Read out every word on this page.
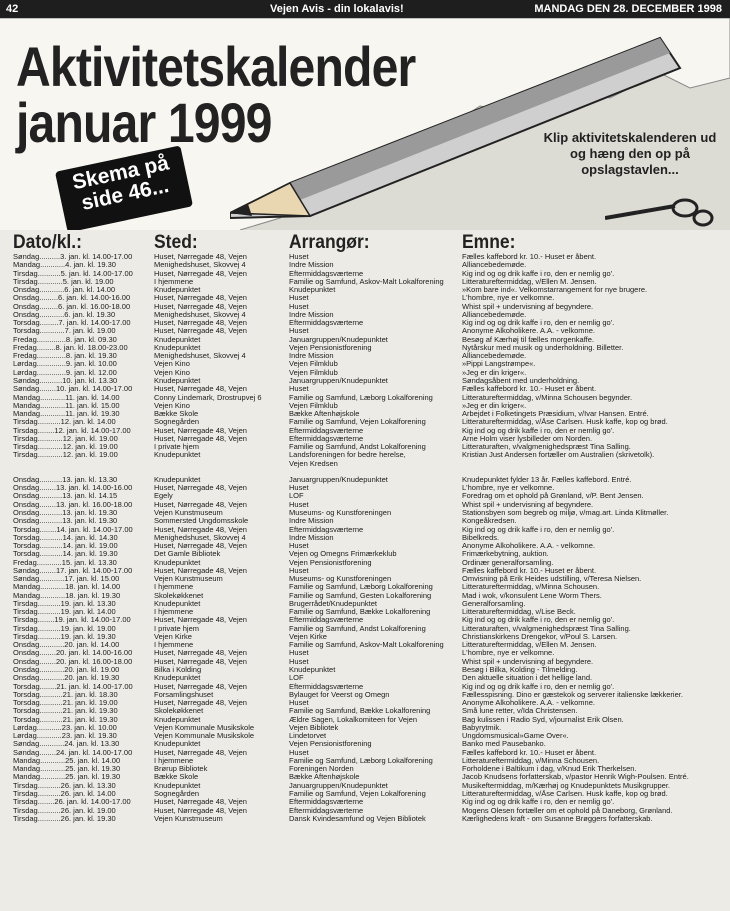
42	Vejen Avis - din lokalavis!	MANDAG DEN 28. DECEMBER 1998
Aktivitetskalender
januar 1999
Skema på side 46...
Klip aktivitetskalenderen ud og hæng den op på opslagstavlen...
Dato/kl.:	Sted:	Arrangør:	Emne:
Søndag..........3. jan. kl. 14.00-17.00	Huset, Nørregade 48, Vejen	Huset	Fælles kaffebord kr. 10.- Huset er åbent.
Mandag............4. jan. kl. 19.30	Menighedshuset, Skovvej 4	Indre Mission	Alliancebedemøde.
Tirsdag...........5. jan. kl. 14.00-17.00	Huset, Nørregade 48, Vejen	Eftermiddagsværterne	Kig ind og og drik kaffe i ro, den er nemlig go'.
Tirsdag............5. jan. kl. 19.00	I hjemmene	Familie og Samfund, Askov-Malt Lokalforening	Litteratureftermiddag, v/Ellen M. Jensen.
Onsdag............6. jan. kl. 14.00	Knudepunktet	Knudepunktet	»Kom bare ind«. Velkomstarrangement for nye brugere.
Onsdag.........6. jan. kl. 14.00-16.00	Huset, Nørregade 48, Vejen	Huset	L'hombre, nye er velkomne.
Onsdag.........6. jan. kl. 16.00-18.00	Huset, Nørregade 48, Vejen	Huset	Whist spil + undervisning af begyndere.
Onsdag............6. jan. kl. 19.30	Menighedshuset, Skovvej 4	Indre Mission	Alliancebedemøde.
Torsdag.........7. jan. kl. 14.00-17.00	Huset, Nørregade 48, Vejen	Eftermiddagsværterne	Kig ind og og drik kaffe i ro, den er nemlig go'.
Torsdag............7. jan. kl. 19.00	Huset, Nørregade 48, Vejen	Huset	Anonyme Alkoholikere. A.A. - velkomne.
Fredag..............8. jan. kl. 09.30	Knudepunktet	Januargruppen/Knudepunktet	Besøg af Kærhøj til fælles morgenkaffe.
Fredag.........8. jan. kl. 18.00-23.00	Knudepunktet	Vejen Pensionistforening	Nytårskur med musik og underholdning. Billetter.
Fredag..............8. jan. kl. 19.30	Menighedshuset, Skovvej 4	Indre Mission	Alliancebedemøde.
Lørdag..............9. jan. kl. 10.00	Vejen Kino	Vejen Filmklub	»Pippi Langstrømpe«.
Lørdag..............9. jan. kl. 12.00	Vejen Kino	Vejen Filmklub	»Jeg er din kriger«.
Søndag...........10. jan. kl. 13.30	Knudepunktet	Januargruppen/Knudepunktet	Søndagsåbent med underholdning.
Søndag........10. jan. kl. 14.00-17.00	Huset, Nørregade 48, Vejen	Huset	Fælles kaffebord kr. 10.- Huset er åbent.
Mandag............11. jan. kl. 14.00	Conny Lindemark, Drostrupvej 6	Familie og Samfund, Læborg Lokalforening	Litteratureftermiddag, v/Minna Schousen begynder.
Mandag............11. jan. kl. 15.00	Vejen Kino	Vejen Filmklub	»Jeg er din kriger«.
Mandag............11. jan. kl. 19.30	Bække Skole	Bække Aftenhøjskole	Arbejdet i Folketingets Præsidium, v/Ivar Hansen. Entré.
Tirsdag...........12. jan. kl. 14.00	Sognegården	Familie og Samfund, Vejen Lokalforening	Litteratureftermiddag, v/Åse Carlsen. Husk kaffe, kop og brød.
Tirsdag........12. jan. kl. 14.00-17.00	Huset, Nørregade 48, Vejen	Eftermiddagsværterne	Kig ind og og drik kaffe i ro, den er nemlig go'.
Tirsdag............12. jan. kl. 19.00	Huset, Nørregade 48, Vejen	Eftermiddagsværterne	Arne Holm viser lysbilleder om Norden.
Tirsdag............12. jan. kl. 19.00	I private hjem	Familie og Samfund, Andst Lokalforening	Litteraturaften, v/valgmenighedspræst Tina Salling.
Tirsdag............12. jan. kl. 19.00	Knudepunktet	Landsforeningen for bedre herelse,	Kristian Just Andersen fortæller om Australien (skrivetolk).
Vejen Kredsen
Onsdag...........13. jan. kl. 13.30	Knudepunktet	Januargruppen/Knudepunktet	Knudepunktet fylder 13 år. Fælles kaffebord. Entré.
Onsdag........13. jan. kl. 14.00-16.00	Huset, Nørregade 48, Vejen	Huset	L'hombre, nye er velkomne.
Onsdag...........13. jan. kl. 14.15	Egely	LOF	Foredrag om et ophold på Grønland, v/P. Bent Jensen.
Onsdag........13. jan. kl. 16.00-18.00	Huset, Nørregade 48, Vejen	Huset	Whist spil + undervisning af begyndere.
Onsdag...........13. jan. kl. 19.30	Vejen Kunstmuseum	Museums- og Kunstforeningen	Stationsbyen som begreb og miljø, v/mag.art. Linda Klitmøller.
Onsdag...........13. jan. kl. 19.30	Sommersted Ungdomsskole	Indre Mission	Kongeåkredsen.
Torsdag........14. jan. kl. 14.00-17.00	Huset, Nørregade 48, Vejen	Eftermiddagsværterne	Kig ind og og drik kaffe i ro, den er nemlig go'.
Torsdag...........14. jan. kl. 14.30	Menighedshuset, Skovvej 4	Indre Mission	Bibelkreds.
Torsdag...........14. jan. kl. 19.00	Huset, Nørregade 48, Vejen	Huset	Anonyme Alkoholikere. A.A. - velkomne.
Torsdag...........14. jan. kl. 19.30	Det Gamle Bibliotek	Vejen og Omegns Frimærkeklub	Frimærkebytning, auktion.
Fredag............15. jan. kl. 13.30	Knudepunktet	Vejen Pensionistforening	Ordinær generalforsamling.
Søndag........17. jan. kl. 14.00-17.00	Huset, Nørregade 48, Vejen	Huset	Fælles kaffebord kr. 10.- Huset er åbent.
Søndag............17. jan. kl. 15.00	Vejen Kunstmuseum	Museums- og Kunstforeningen	Omvisning på Erik Heides udstilling, v/Teresa Nielsen.
Mandag............18. jan. kl. 14.00	I hjemmene	Familie og Samfund, Læborg Lokalforening	Litteratureftermiddag, v/Minna Schousen.
Mandag............18. jan. kl. 19.30	Skolekøkkenet	Familie og Samfund, Gesten Lokalforening	Mad i wok, v/konsulent Lene Worm Thers.
Tirsdag...........19. jan. kl. 13.30	Knudepunktet	Brugerrådet/Knudepunktet	Generalforsamling.
Tirsdag...........19. jan. kl. 14.00	I hjemmene	Familie og Samfund, Bække Lokalforening	Litteratureftermiddag, v/Lise Beck.
Tirsdag........19. jan. kl. 14.00-17.00	Huset, Nørregade 48, Vejen	Eftermiddagsværterne	Kig ind og og drik kaffe i ro, den er nemlig go'.
Tirsdag...........19. jan. kl. 19.00	I private hjem	Familie og Samfund, Andst Lokalforening	Litteraturaften, v/valgmenighedspræst Tina Salling.
Tirsdag...........19. jan. kl. 19.30	Vejen Kirke	Vejen Kirke	Christianskirkens Drengekor, v/Poul S. Larsen.
Onsdag............20. jan. kl. 14.00	I hjemmene	Familie og Samfund, Askov-Malt Lokalforening	Litteratureftermiddag, v/Ellen M. Jensen.
Onsdag........20. jan. kl. 14.00-16.00	Huset, Nørregade 48, Vejen	Huset	L'hombre, nye er velkomne.
Onsdag........20. jan. kl. 16.00-18.00	Huset, Nørregade 48, Vejen	Huset	Whist spil + undervisning af begyndere.
Onsdag............20. jan. kl. 19.00	Bilka i Kolding	Knudepunktet	Besøg i Bilka, Kolding - Tilmelding.
Onsdag............20. jan. kl. 19.30	Knudepunktet	LOF	Den aktuelle situation i det hellige land.
Torsdag........21. jan. kl. 14.00-17.00	Huset, Nørregade 48, Vejen	Eftermiddagsværterne	Kig ind og og drik kaffe i ro, den er nemlig go'.
Torsdag...........21. jan. kl. 18.30	Forsamlingshuset	Bylauget for Veerst og Omegn	Fællesspisning. Dino er gæstekok og serverer italienske lækkerier.
Torsdag...........21. jan. kl. 19.00	Huset, Nørregade 48, Vejen	Huset	Anonyme Alkoholikere. A.A. - velkomne.
Torsdag...........21. jan. kl. 19.30	Skolekøkkenet	Familie og Samfund, Bække Lokalforening	Små lune retter, v/Ida Christensen.
Torsdag...........21. jan. kl. 19.30	Knudepunktet	Ældre Sagen, Lokalkomiteen for Vejen	Bag kulissen i Radio Syd, v/journalist Erik Olsen.
Lørdag............23. jan. kl. 10.00	Vejen Kommunale Musikskole	Vejen Bibliotek	Babyrytmik.
Lørdag............23. jan. kl. 19.30	Vejen Kommunale Musikskole	Lindetorvet	Ungdomsmusical»Game Over«.
Søndag............24. jan. kl. 13.30	Knudepunktet	Vejen Pensionistforening	Banko med Pausebanko.
Søndag........24. jan. kl. 14.00-17.00	Huset, Nørregade 48, Vejen	Huset	Fælles kaffebord kr. 10.- Huset er åbent.
Mandag............25. jan. kl. 14.00	I hjemmene	Familie og Samfund, Læborg Lokalforening	Litteratureftermiddag, v/Minna Schousen.
Mandag............25. jan. kl. 19.30	Brørup Bibliotek	Foreningen Norden	Forholdene i Baltikum i dag, v/Knud Erik Therkelsen.
Mandag............25. jan. kl. 19.30	Bække Skole	Bække Aftenhøjskole	Jacob Knudsens forfatterskab, v/pastor Henrik Wigh-Poulsen. Entré.
Tirsdag...........26. jan. kl. 13.30	Knudepunktet	Januargruppen/Knudepunktet	Musikeftermiddag, m/Kærhøj og Knudepunktets Musikgrupper.
Tirsdag...........26. jan. kl. 14.00	Sognegården	Familie og Samfund, Vejen Lokalforening	Litteratureftermiddag, v/Åse Carlsen. Husk kaffe, kop og brød.
Tirsdag........26. jan. kl. 14.00-17.00	Huset, Nørregade 48, Vejen	Eftermiddagsværterne	Kig ind og og drik kaffe i ro, den er nemlig go'.
Tirsdag...........26. jan. kl. 19.00	Huset, Nørregade 48, Vejen	Eftermiddagsværterne	Mogens Olesen fortæller om et ophold på Daneborg, Grønland.
Tirsdag...........26. jan. kl. 19.30	Vejen Kunstmuseum	Dansk Kvindesamfund og Vejen Bibliotek	Kærlighedens kraft - om Susanne Brøggers forfatterskab.
